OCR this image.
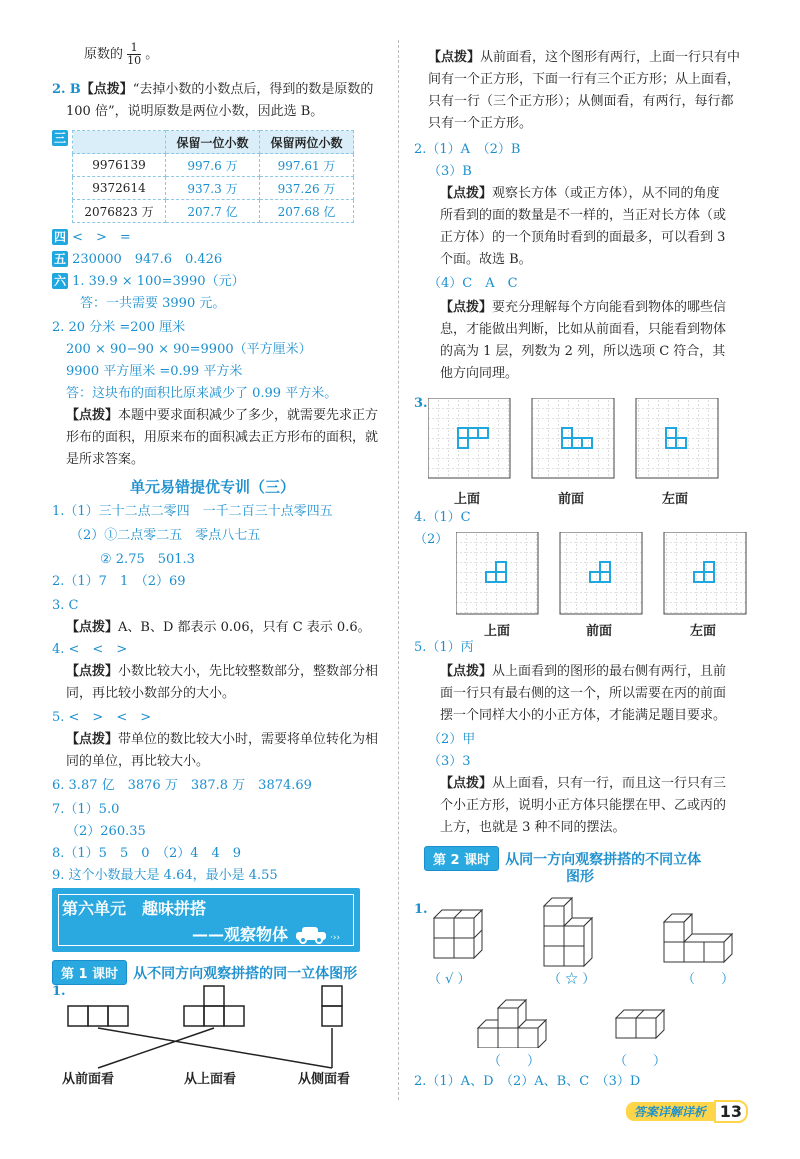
原数的 $\frac{1}{10}$ 。
2. B【点拨】“去掉小数的小数点后，得到的数是原数的
100 倍”，说明原数是两位小数，因此选 B。
三
		保留一位小数	保留两位小数
9976139	997.6 万	997.61 万
9372614	937.3 万	937.26 万
2076823 万	207.7 亿	207.68 亿
四 <　>　=
五 230000　947.6　0.426
六 1. 39.9 × 100=3990（元）
答：一共需要 3990 元。
2. 20 分米 =200 厘米
200 × 90−90 × 90=9900（平方厘米）
9900 平方厘米 =0.99 平方米
答：这块布的面积比原来减少了 0.99 平方米。
【点拨】本题中要求面积减少了多少，就需要先求正方
形布的面积，用原来布的面积减去正方形布的面积，就
是所求答案。
单元易错提优专训（三）
1.（1）三十二点二零四　一千二百三十点零四五
（2）①二点零二五　零点八七五
② 2.75　501.3
2.（1）7　1　（2）69
3. C
【点拨】A、B、D 都表示 0.06，只有 C 表示 0.6。
4. <　<　>
【点拨】小数比较大小，先比较整数部分，整数部分相
同，再比较小数部分的大小。
5. <　>　<　>
【点拨】带单位的数比较大小时，需要将单位转化为相
同的单位，再比较大小。
6. 3.87 亿　3876 万　387.8 万　3874.69
7.（1）5.0
（2）260.35
8.（1）5　5　0　（2）4　4　9
9. 这个小数最大是 4.64，最小是 4.55
第六单元　趣味拼搭
——观察物体	·››
第 1 课时	从不同方向观察拼搭的同一立体图形
1.
从前面看	从上面看	从侧面看
【点拨】从前面看，这个图形有两行，上面一行只有中
间有一个正方形，下面一行有三个正方形；从上面看，
只有一行（三个正方形）；从侧面看，有两行，每行都
只有一个正方形。
2.（1）A　（2）B
（3）B
【点拨】观察长方体（或正方体），从不同的角度
所看到的面的数量是不一样的，当正对长方体（或
正方体）的一个顶角时看到的面最多，可以看到 3
个面。故选 B。
（4）C　A　C
【点拨】要充分理解每个方向能看到物体的哪些信
息，才能做出判断，比如从前面看，只能看到物体
的高为 1 层，列数为 2 列，所以选项 C 符合，其
他方向同理。
3.
上面	前面	左面
4.（1）C
（2）
上面	前面	左面
5.（1）丙
【点拨】从上面看到的图形的最右侧有两行，且前
面一行只有最右侧的这一个，所以需要在丙的前面
摆一个同样大小的小正方体，才能满足题目要求。
（2）甲
（3）3
【点拨】从上面看，只有一行，而且这一行只有三
个小正方形，说明小正方体只能摆在甲、乙或丙的
上方，也就是 3 种不同的摆法。
第 2 课时	从同一方向观察拼搭的不同立体
图形
1.
（ √ ）	（ ☆ ）	（　　）
（　　）	（　　）
2.（1）A、D　（2）A、B、C　（3）D
答案详解详析 13
